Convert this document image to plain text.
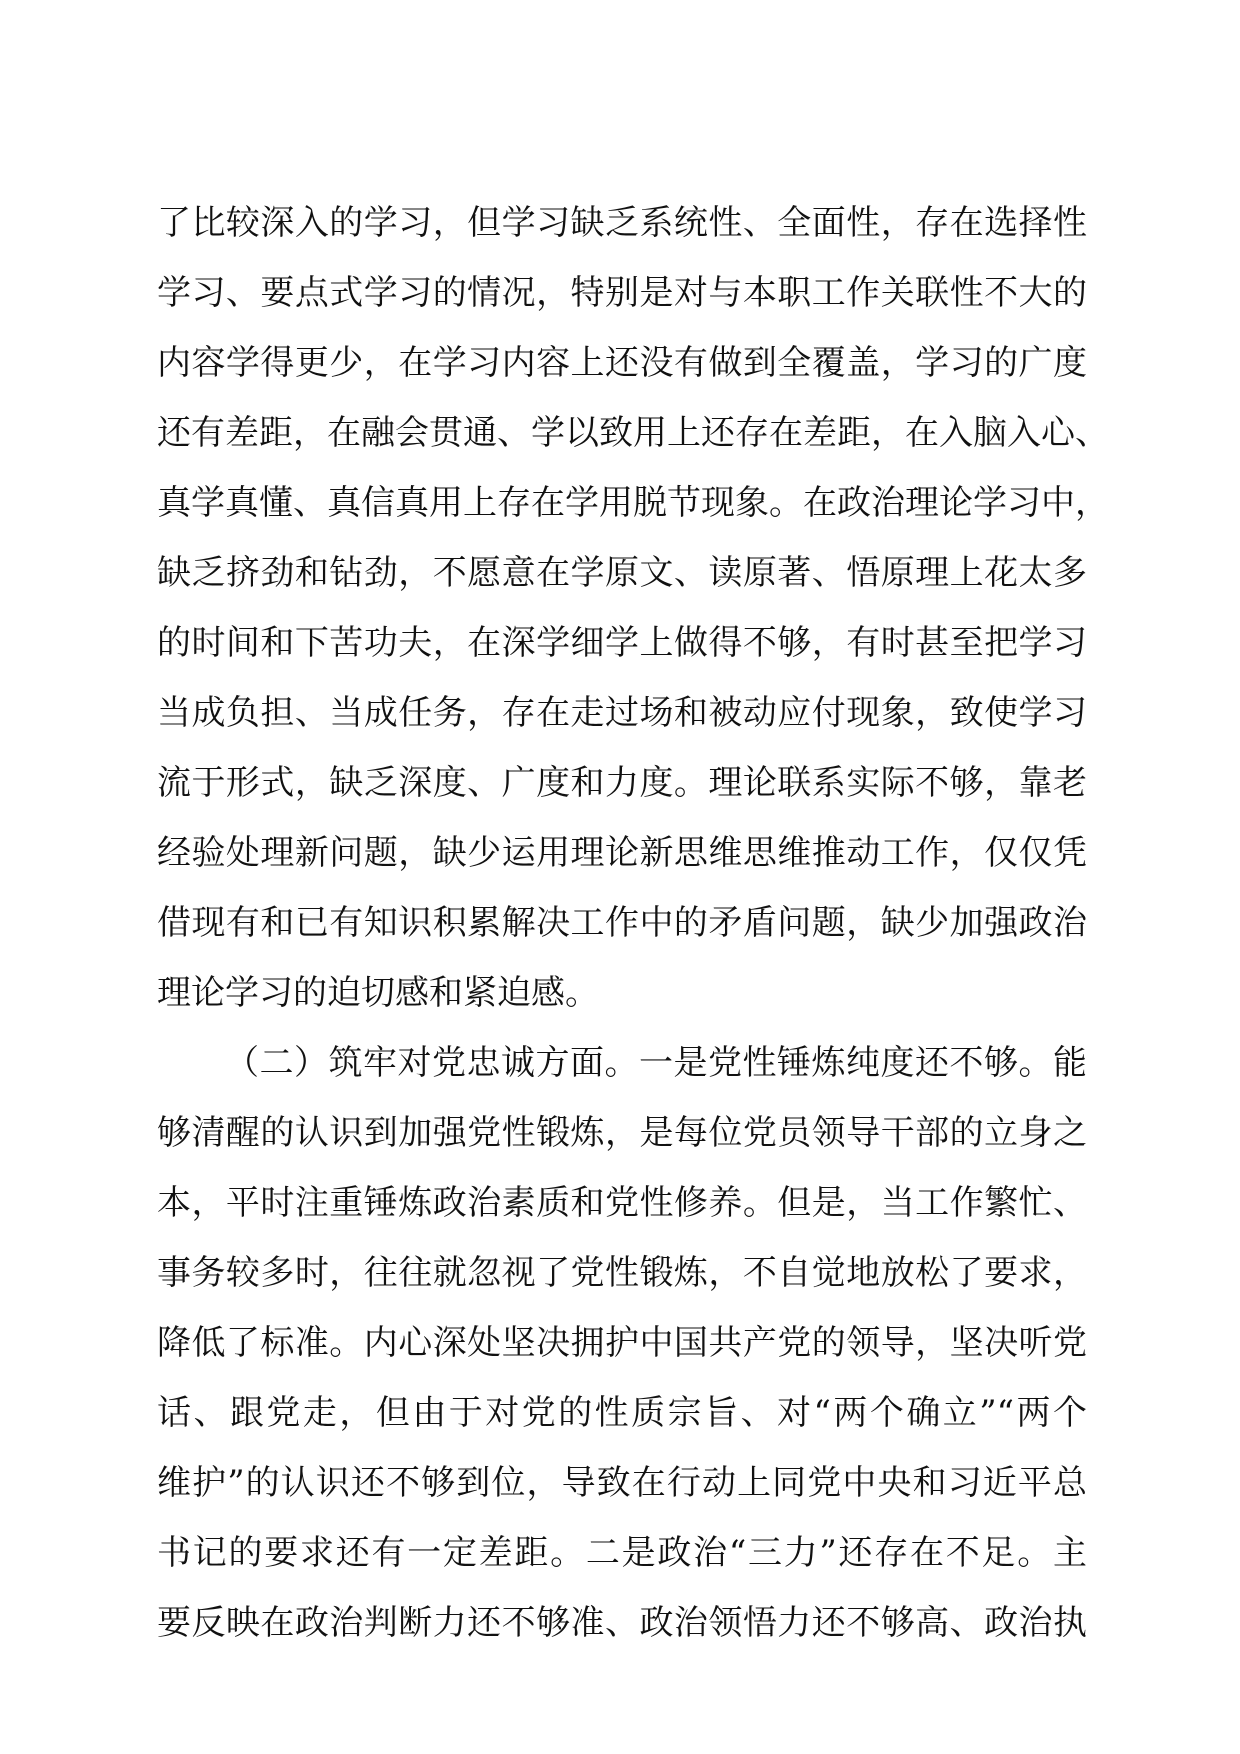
了比较深入的学习，但学习缺乏系统性、全面性，存在选择性
学习、要点式学习的情况，特别是对与本职工作关联性不大的
内容学得更少，在学习内容上还没有做到全覆盖，学习的广度
还有差距，在融会贯通、学以致用上还存在差距，在入脑入心、
真学真懂、真信真用上存在学用脱节现象。在政治理论学习中，
缺乏挤劲和钻劲，不愿意在学原文、读原著、悟原理上花太多
的时间和下苦功夫，在深学细学上做得不够，有时甚至把学习
当成负担、当成任务，存在走过场和被动应付现象，致使学习
流于形式，缺乏深度、广度和力度。理论联系实际不够，靠老
经验处理新问题，缺少运用理论新思维思维推动工作，仅仅凭
借现有和已有知识积累解决工作中的矛盾问题，缺少加强政治
理论学习的迫切感和紧迫感。
（二）筑牢对党忠诚方面。一是党性锤炼纯度还不够。能
够清醒的认识到加强党性锻炼，是每位党员领导干部的立身之
本，平时注重锤炼政治素质和党性修养。但是，当工作繁忙、
事务较多时，往往就忽视了党性锻炼，不自觉地放松了要求，
降低了标准。内心深处坚决拥护中国共产党的领导，坚决听党
话、跟党走，但由于对党的性质宗旨、对“两个确立”“两个
维护”的认识还不够到位，导致在行动上同党中央和习近平总
书记的要求还有一定差距。二是政治“三力”还存在不足。主
要反映在政治判断力还不够准、政治领悟力还不够高、政治执
